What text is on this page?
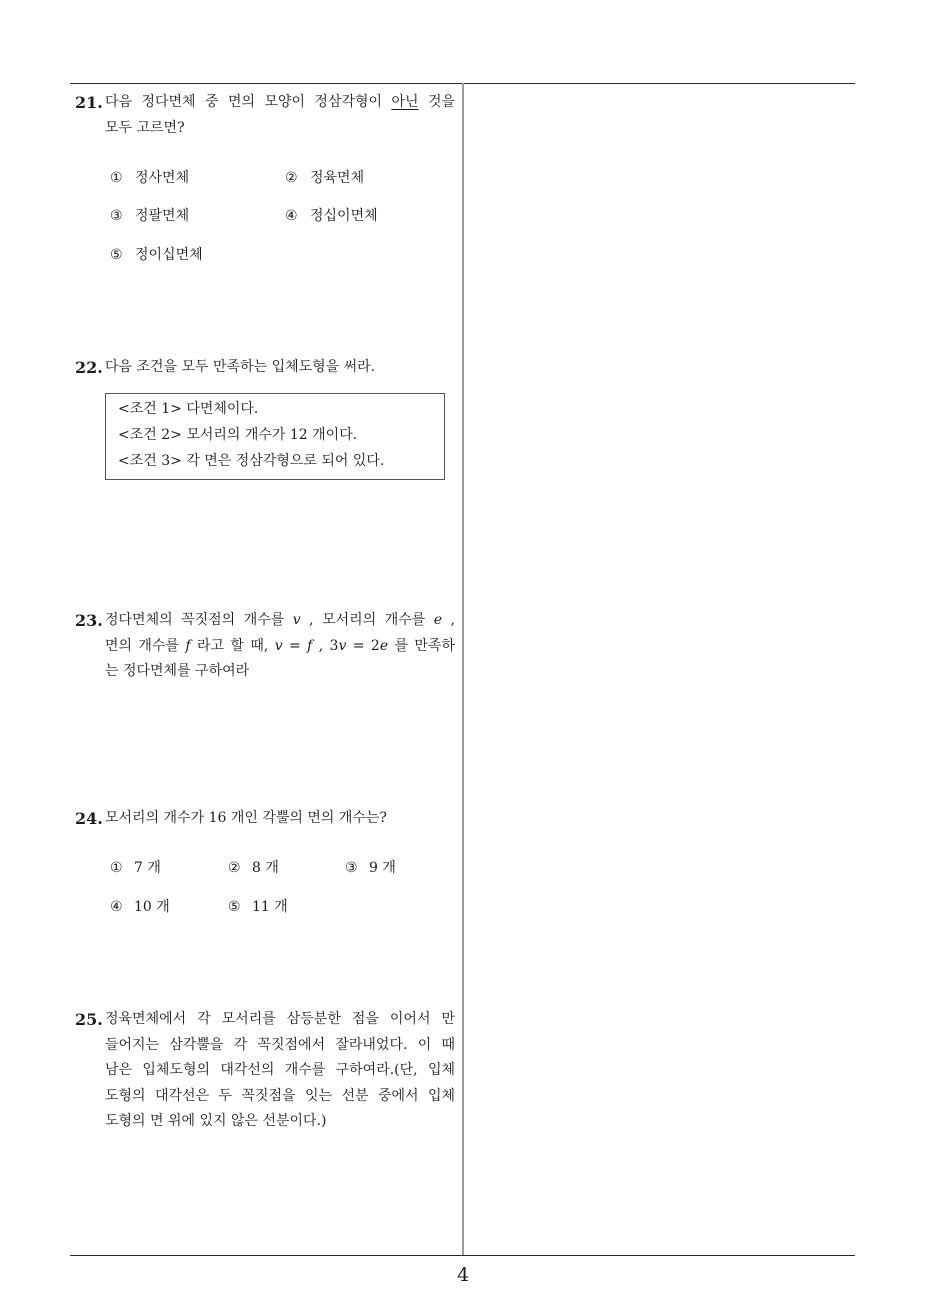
21. 다음 정다면체 중 면의 모양이 정삼각형이 아닌 것을
모두 고르면?
① 정사면체	② 정육면체
③ 정팔면체	④ 정십이면체
⑤ 정이십면체
22. 다음 조건을 모두 만족하는 입체도형을 써라.
<조건 1> 다면체이다.
<조건 2> 모서리의 개수가 12 개이다.
<조건 3> 각 면은 정삼각형으로 되어 있다.
23. 정다면체의 꼭짓점의 개수를 v , 모서리의 개수를 e ,
면의 개수를 f 라고 할 때, v = f , 3v = 2e 를 만족하
는 정다면체를 구하여라
24. 모서리의 개수가 16 개인 각뿔의 면의 개수는?
① 7 개	② 8 개	③ 9 개
④ 10 개	⑤ 11 개
25. 정육면체에서 각 모서리를 삼등분한 점을 이어서 만
들어지는 삼각뿔을 각 꼭짓점에서 잘라내었다. 이 때
남은 입체도형의 대각선의 개수를 구하여라.(단, 입체
도형의 대각선은 두 꼭짓점을 잇는 선분 중에서 입체
도형의 면 위에 있지 않은 선분이다.)
4
